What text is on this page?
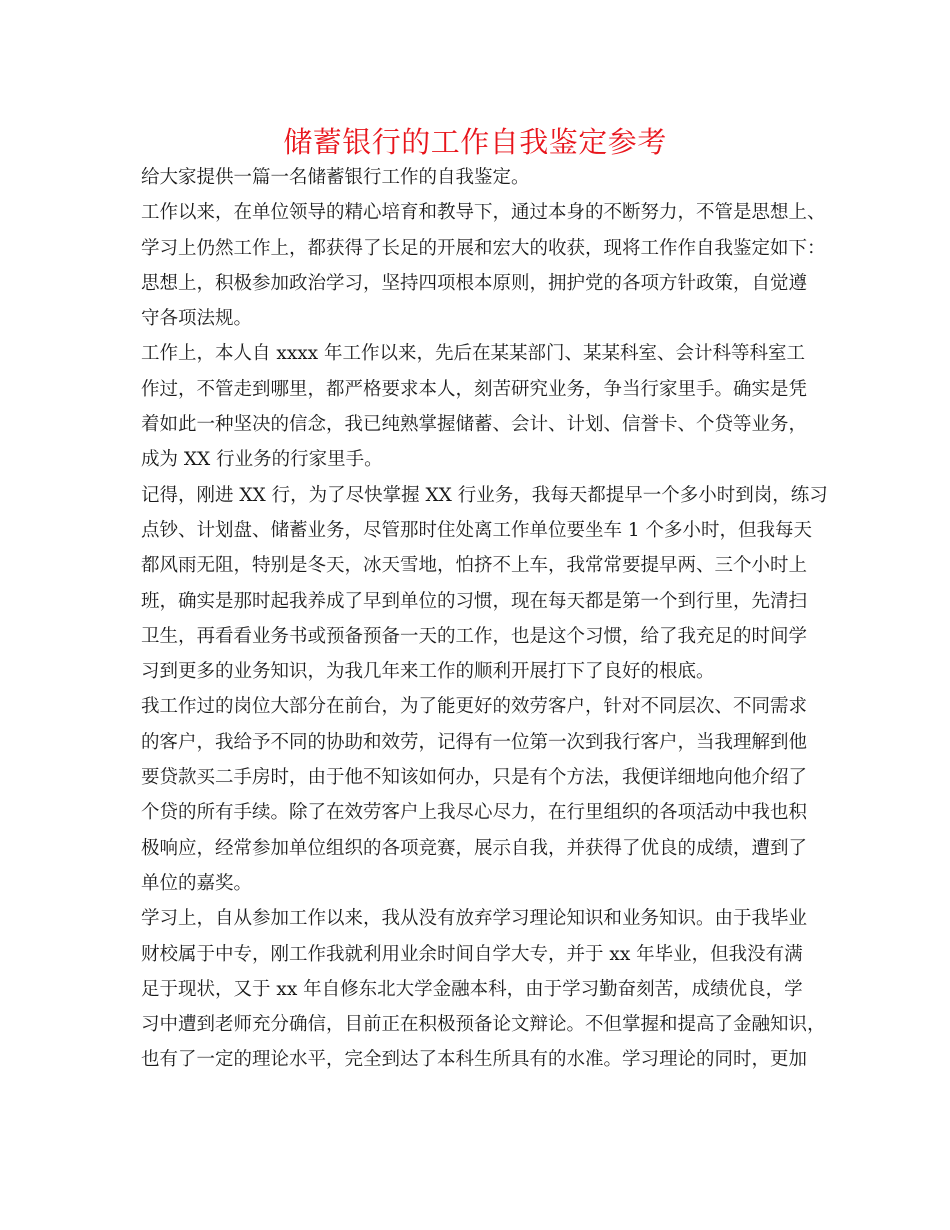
储蓄银行的工作自我鉴定参考
给大家提供一篇一名储蓄银行工作的自我鉴定。
工作以来，在单位领导的精心培育和教导下，通过本身的不断努力，不管是思想上、
学习上仍然工作上，都获得了长足的开展和宏大的收获，现将工作作自我鉴定如下：
思想上，积极参加政治学习，坚持四项根本原则，拥护党的各项方针政策，自觉遵
守各项法规。
工作上，本人自 xxxx 年工作以来，先后在某某部门、某某科室、会计科等科室工
作过，不管走到哪里，都严格要求本人，刻苦研究业务，争当行家里手。确实是凭
着如此一种坚决的信念，我已纯熟掌握储蓄、会计、计划、信誉卡、个贷等业务，
成为 XX 行业务的行家里手。
记得，刚进 XX 行，为了尽快掌握 XX 行业务，我每天都提早一个多小时到岗，练习
点钞、计划盘、储蓄业务，尽管那时住处离工作单位要坐车 1 个多小时，但我每天
都风雨无阻，特别是冬天，冰天雪地，怕挤不上车，我常常要提早两、三个小时上
班，确实是那时起我养成了早到单位的习惯，现在每天都是第一个到行里，先清扫
卫生，再看看业务书或预备预备一天的工作，也是这个习惯，给了我充足的时间学
习到更多的业务知识，为我几年来工作的顺利开展打下了良好的根底。
我工作过的岗位大部分在前台，为了能更好的效劳客户，针对不同层次、不同需求
的客户，我给予不同的协助和效劳，记得有一位第一次到我行客户，当我理解到他
要贷款买二手房时，由于他不知该如何办，只是有个方法，我便详细地向他介绍了
个贷的所有手续。除了在效劳客户上我尽心尽力，在行里组织的各项活动中我也积
极响应，经常参加单位组织的各项竞赛，展示自我，并获得了优良的成绩，遭到了
单位的嘉奖。
学习上，自从参加工作以来，我从没有放弃学习理论知识和业务知识。由于我毕业
财校属于中专，刚工作我就利用业余时间自学大专，并于 xx 年毕业，但我没有满
足于现状，又于 xx 年自修东北大学金融本科，由于学习勤奋刻苦，成绩优良，学
习中遭到老师充分确信，目前正在积极预备论文辩论。不但掌握和提高了金融知识，
也有了一定的理论水平，完全到达了本科生所具有的水准。学习理论的同时，更加
